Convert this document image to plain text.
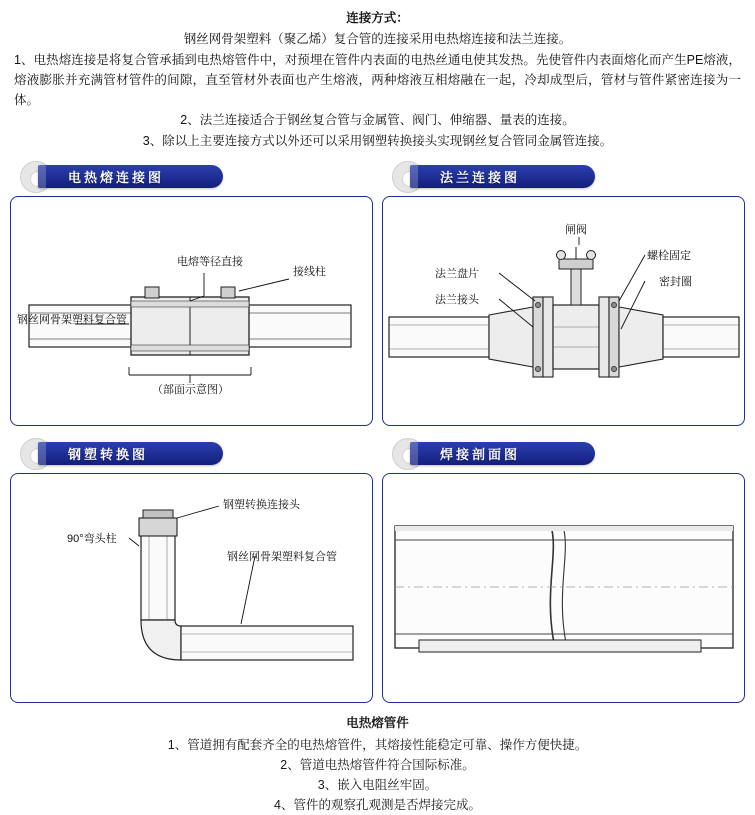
连接方式：

钢丝网骨架塑料（聚乙烯）复合管的连接采用电热熔连接和法兰连接。

1、电热熔连接是将复合管承插到电热熔管件中，对预埋在管件内表面的电热丝通电使其发热。先使管件内表面熔化而产生PE熔液，熔液膨胀并充满管材管件的间隙，直至管材外表面也产生熔液，两种熔液互相熔融在一起，冷却成型后，管材与管件紧密连接为一体。

2、法兰连接适合于钢丝复合管与金属管、阀门、伸缩器、量表的连接。

3、除以上主要连接方式以外还可以采用钢塑转换接头实现钢丝复合管同金属管连接。

电热熔连接图
电熔等径直接
接线柱
钢丝网骨架塑料复合管
（部面示意图）
法兰连接图
闸阀
螺栓固定
密封圈
法兰盘片
法兰接头
钢塑转换图
钢塑转换连接头
90°弯头柱
钢丝网骨架塑料复合管
焊接剖面图
电热熔管件

1、管道拥有配套齐全的电热熔管件，其熔接性能稳定可靠、操作方便快捷。

2、管道电热熔管件符合国际标准。

3、嵌入电阻丝牢固。

4、管件的观察孔观测是否焊接完成。
